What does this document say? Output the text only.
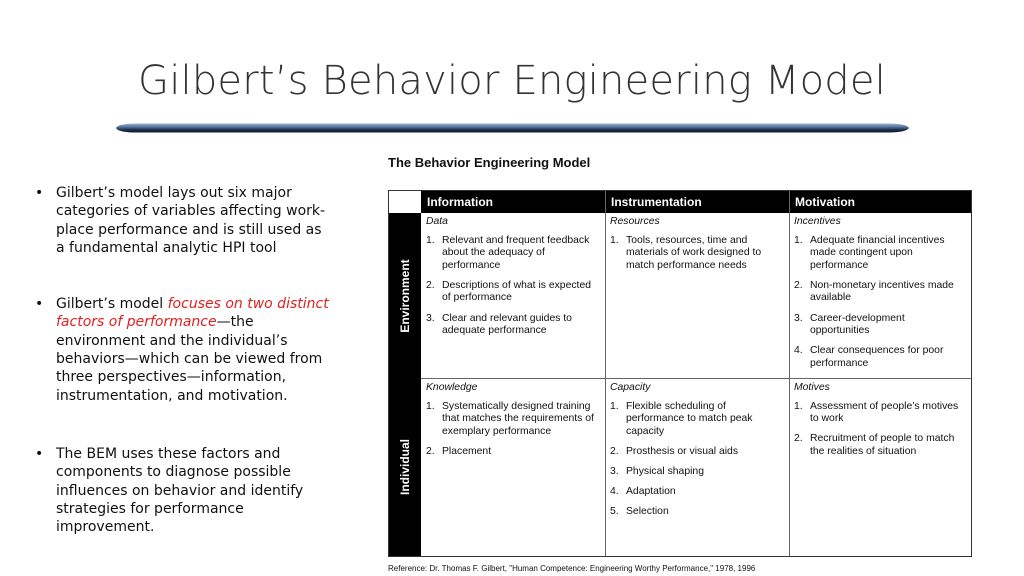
Gilbert’s Behavior Engineering Model
• Gilbert’s model lays out six major categories of variables affecting work-place performance and is still used as a fundamental analytic HPI tool
• Gilbert’s model focuses on two distinct factors of performance—the environment and the individual’s behaviors—which can be viewed from three perspectives—information, instrumentation, and motivation.
• The BEM uses these factors and components to diagnose possible influences on behavior and identify strategies for performance improvement.
The Behavior Engineering Model
Information	Instrumentation	Motivation
Environment
Individual
Data
1. Relevant and frequent feedback about the adequacy of performance
2. Descriptions of what is expected of performance
3. Clear and relevant guides to adequate performance
Resources
1. Tools, resources, time and materials of work designed to match performance needs
Incentives
1. Adequate financial incentives made contingent upon performance
2. Non-monetary incentives made available
3. Career-development opportunities
4. Clear consequences for poor performance
Knowledge
1. Systematically designed training that matches the requirements of exemplary performance
2. Placement
Capacity
1. Flexible scheduling of performance to match peak capacity
2. Prosthesis or visual aids
3. Physical shaping
4. Adaptation
5. Selection
Motives
1. Assessment of people’s motives to work
2. Recruitment of people to match the realities of situation
Reference: Dr. Thomas F. Gilbert, "Human Competence: Engineering Worthy Performance," 1978, 1996
